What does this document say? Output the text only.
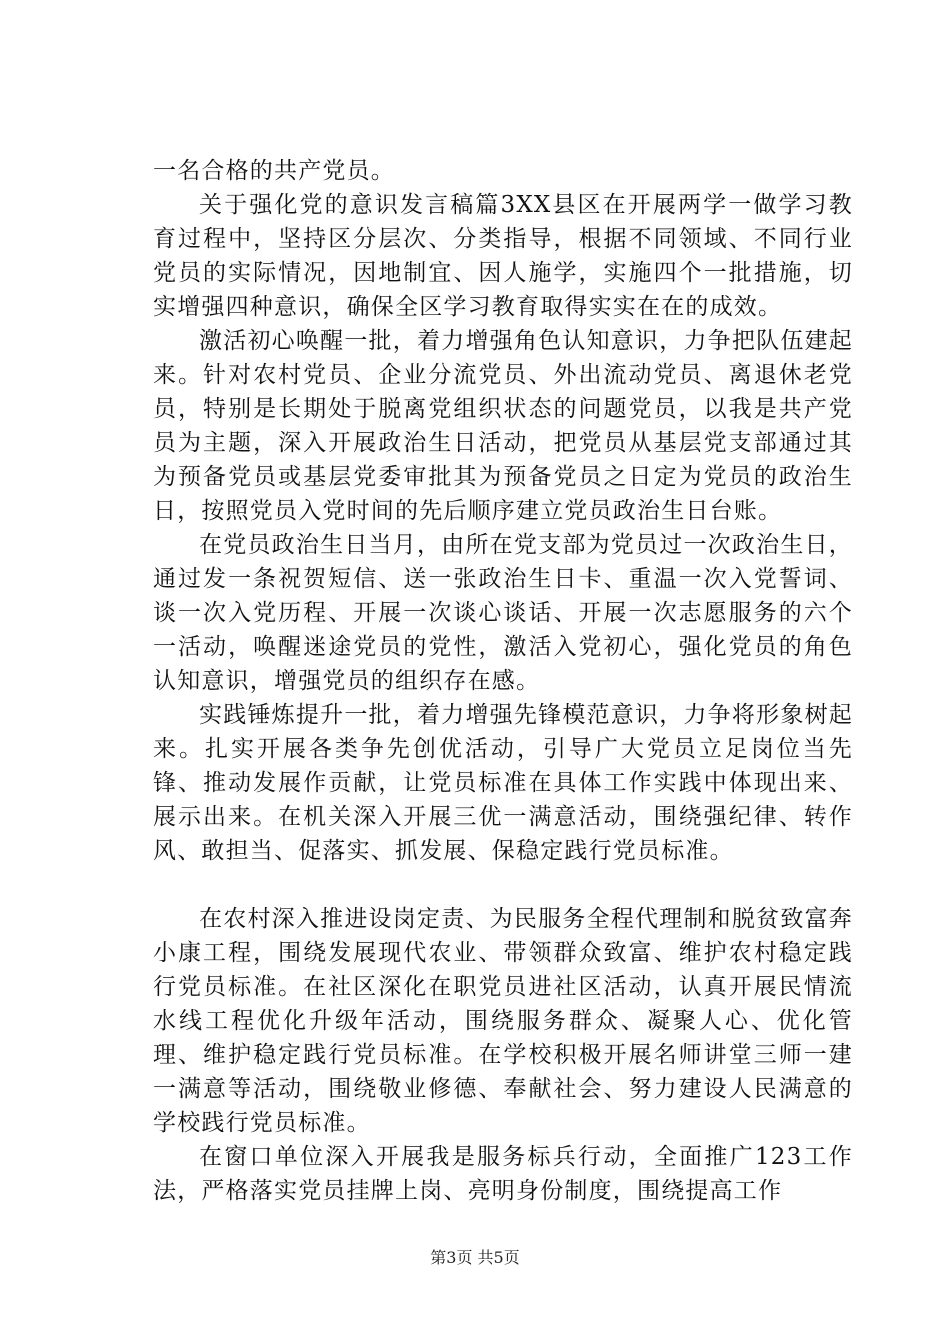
一名合格的共产党员。

关于强化党的意识发言稿篇3XX县区在开展两学一做学习教育过程中，坚持区分层次、分类指导，根据不同领域、不同行业党员的实际情况，因地制宜、因人施学，实施四个一批措施，切实增强四种意识，确保全区学习教育取得实实在在的成效。

激活初心唤醒一批，着力增强角色认知意识，力争把队伍建起来。针对农村党员、企业分流党员、外出流动党员、离退休老党员，特别是长期处于脱离党组织状态的问题党员，以我是共产党员为主题，深入开展政治生日活动，把党员从基层党支部通过其为预备党员或基层党委审批其为预备党员之日定为党员的政治生日，按照党员入党时间的先后顺序建立党员政治生日台账。

在党员政治生日当月，由所在党支部为党员过一次政治生日，通过发一条祝贺短信、送一张政治生日卡、重温一次入党誓词、谈一次入党历程、开展一次谈心谈话、开展一次志愿服务的六个一活动，唤醒迷途党员的党性，激活入党初心，强化党员的角色认知意识，增强党员的组织存在感。

实践锤炼提升一批，着力增强先锋模范意识，力争将形象树起来。扎实开展各类争先创优活动，引导广大党员立足岗位当先锋、推动发展作贡献，让党员标准在具体工作实践中体现出来、展示出来。在机关深入开展三优一满意活动，围绕强纪律、转作风、敢担当、促落实、抓发展、保稳定践行党员标准。

在农村深入推进设岗定责、为民服务全程代理制和脱贫致富奔小康工程，围绕发展现代农业、带领群众致富、维护农村稳定践行党员标准。在社区深化在职党员进社区活动，认真开展民情流水线工程优化升级年活动，围绕服务群众、凝聚人心、优化管理、维护稳定践行党员标准。在学校积极开展名师讲堂三师一建一满意等活动，围绕敬业修德、奉献社会、努力建设人民满意的学校践行党员标准。

在窗口单位深入开展我是服务标兵行动，全面推广123工作法，严格落实党员挂牌上岗、亮明身份制度，围绕提高工作

第3页 共5页
